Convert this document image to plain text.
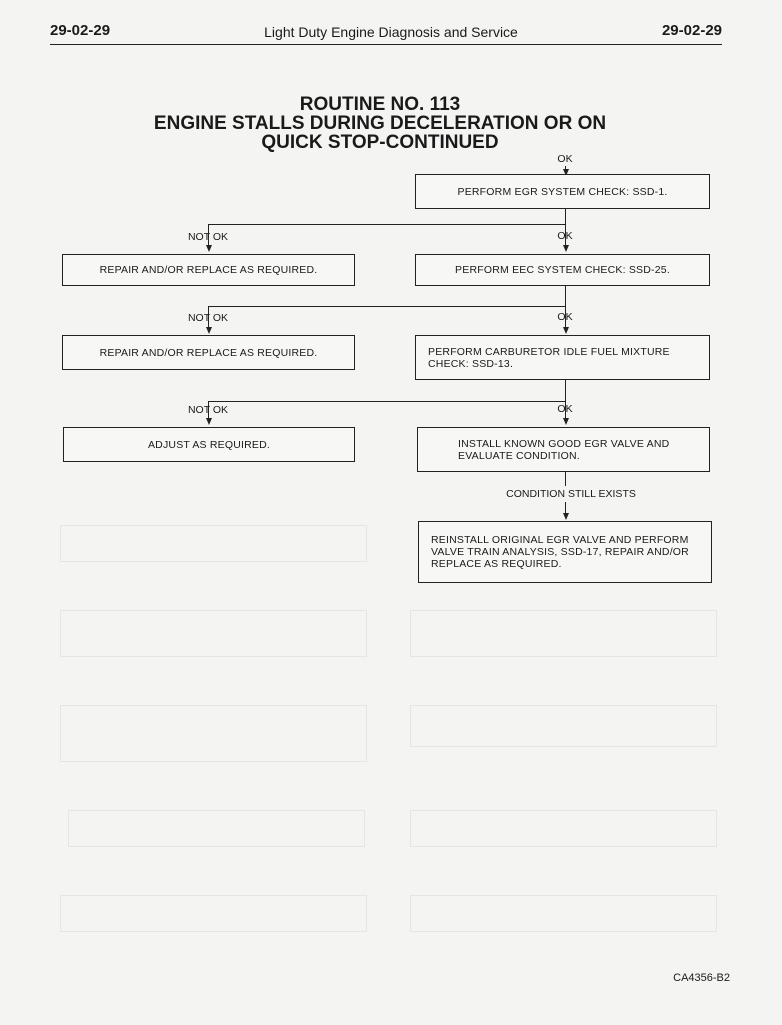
29-02-29	Light Duty Engine Diagnosis and Service	29-02-29
ROUTINE NO. 113
ENGINE STALLS DURING DECELERATION OR ON
QUICK STOP-CONTINUED
OK
PERFORM EGR SYSTEM CHECK: SSD-1.
NOT OK	OK
REPAIR AND/OR REPLACE AS REQUIRED.	PERFORM EEC SYSTEM CHECK: SSD-25.
NOT OK	OK
REPAIR AND/OR REPLACE AS REQUIRED.	PERFORM CARBURETOR IDLE FUEL MIXTURE
CHECK: SSD-13.
NOT OK	OK
ADJUST AS REQUIRED.	INSTALL KNOWN GOOD EGR VALVE AND
EVALUATE CONDITION.
CONDITION STILL EXISTS
REINSTALL ORIGINAL EGR VALVE AND PERFORM
VALVE TRAIN ANALYSIS, SSD-17, REPAIR AND/OR
REPLACE AS REQUIRED.
CA4356-B2
